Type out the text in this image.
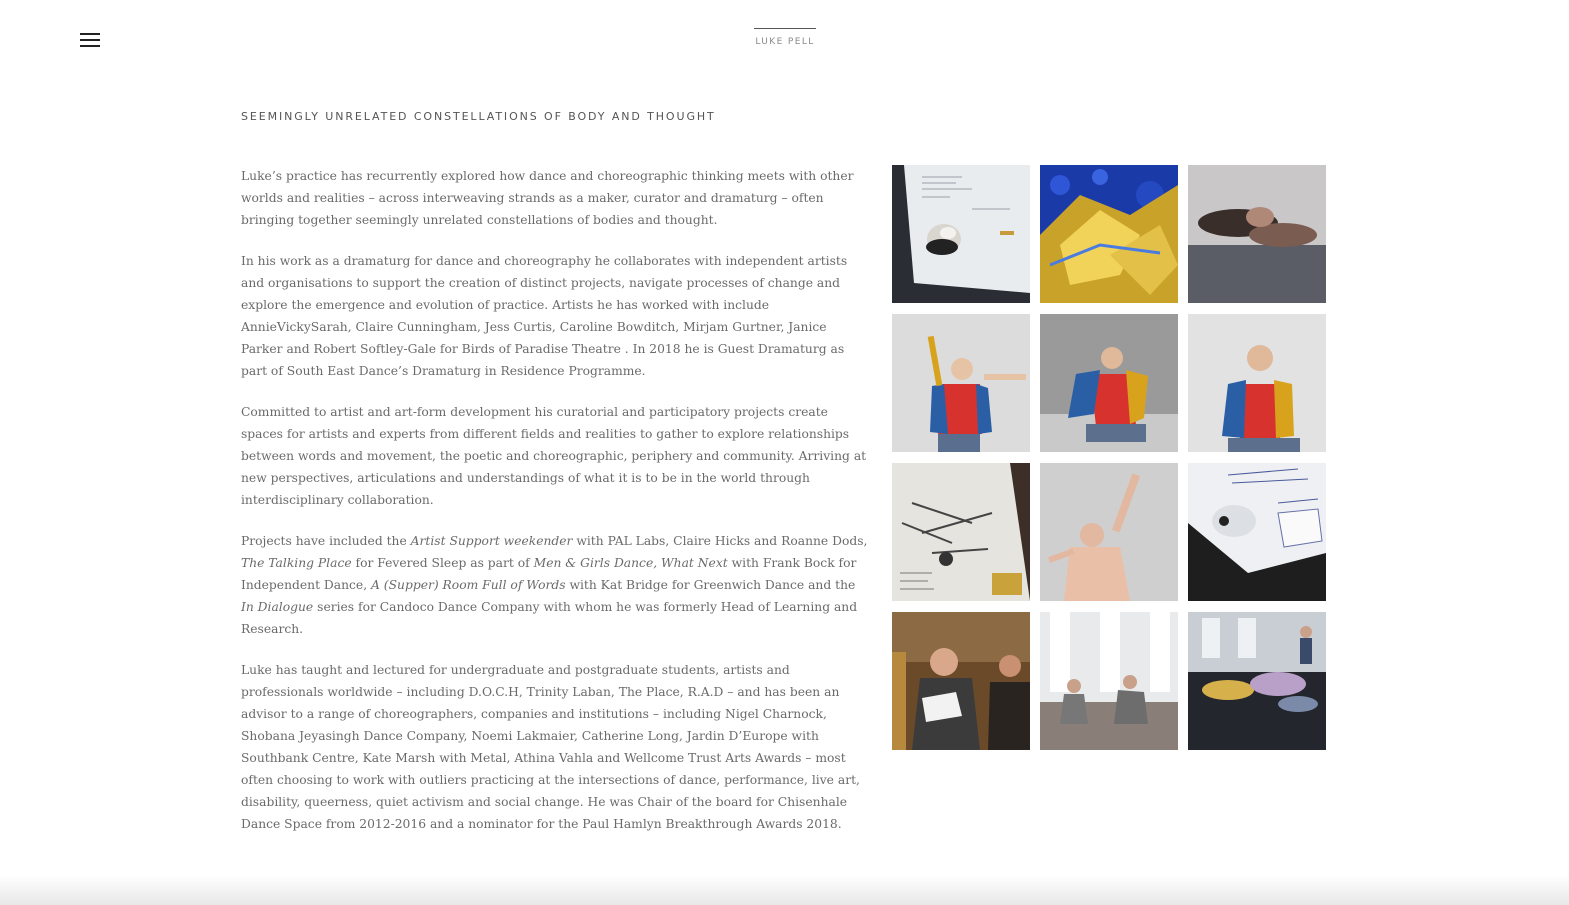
LUKE PELL
SEEMINGLY UNRELATED CONSTELLATIONS OF BODY AND THOUGHT

Luke’s practice has recurrently explored how dance and choreographic thinking meets with other worlds and realities – across interweaving strands as a maker, curator and dramaturg – often bringing together seemingly unrelated constellations of bodies and thought.

In his work as a dramaturg for dance and choreography he collaborates with independent artists and organisations to support the creation of distinct projects, navigate processes of change and explore the emergence and evolution of practice. Artists he has worked with include AnnieVickySarah, Claire Cunningham, Jess Curtis, Caroline Bowditch, Mirjam Gurtner, Janice Parker and Robert Softley-Gale for Birds of Paradise Theatre . In 2018 he is Guest Dramaturg as part of South East Dance’s Dramaturg in Residence Programme.

Committed to artist and art-form development his curatorial and participatory projects create spaces for artists and experts from different fields and realities to gather to explore relationships between words and movement, the poetic and choreographic, periphery and community. Arriving at new perspectives, articulations and understandings of what it is to be in the world through interdisciplinary collaboration.

Projects have included the Artist Support weekender with PAL Labs, Claire Hicks and Roanne Dods, The Talking Place for Fevered Sleep as part of Men & Girls Dance, What Next with Frank Bock for Independent Dance, A (Supper) Room Full of Words with Kat Bridge for Greenwich Dance and the In Dialogue series for Candoco Dance Company with whom he was formerly Head of Learning and Research.

Luke has taught and lectured for undergraduate and postgraduate students, artists and professionals worldwide – including D.O.C.H, Trinity Laban, The Place, R.A.D – and has been an advisor to a range of choreographers, companies and institutions – including Nigel Charnock, Shobana Jeyasingh Dance Company, Noemi Lakmaier, Catherine Long, Jardin D’Europe with Southbank Centre, Kate Marsh with Metal, Athina Vahla and Wellcome Trust Arts Awards – most often choosing to work with outliers practicing at the intersections of dance, performance, live art, disability, queerness, quiet activism and social change. He was Chair of the board for Chisenhale Dance Space from 2012-2016 and a nominator for the Paul Hamlyn Breakthrough Awards 2018.
